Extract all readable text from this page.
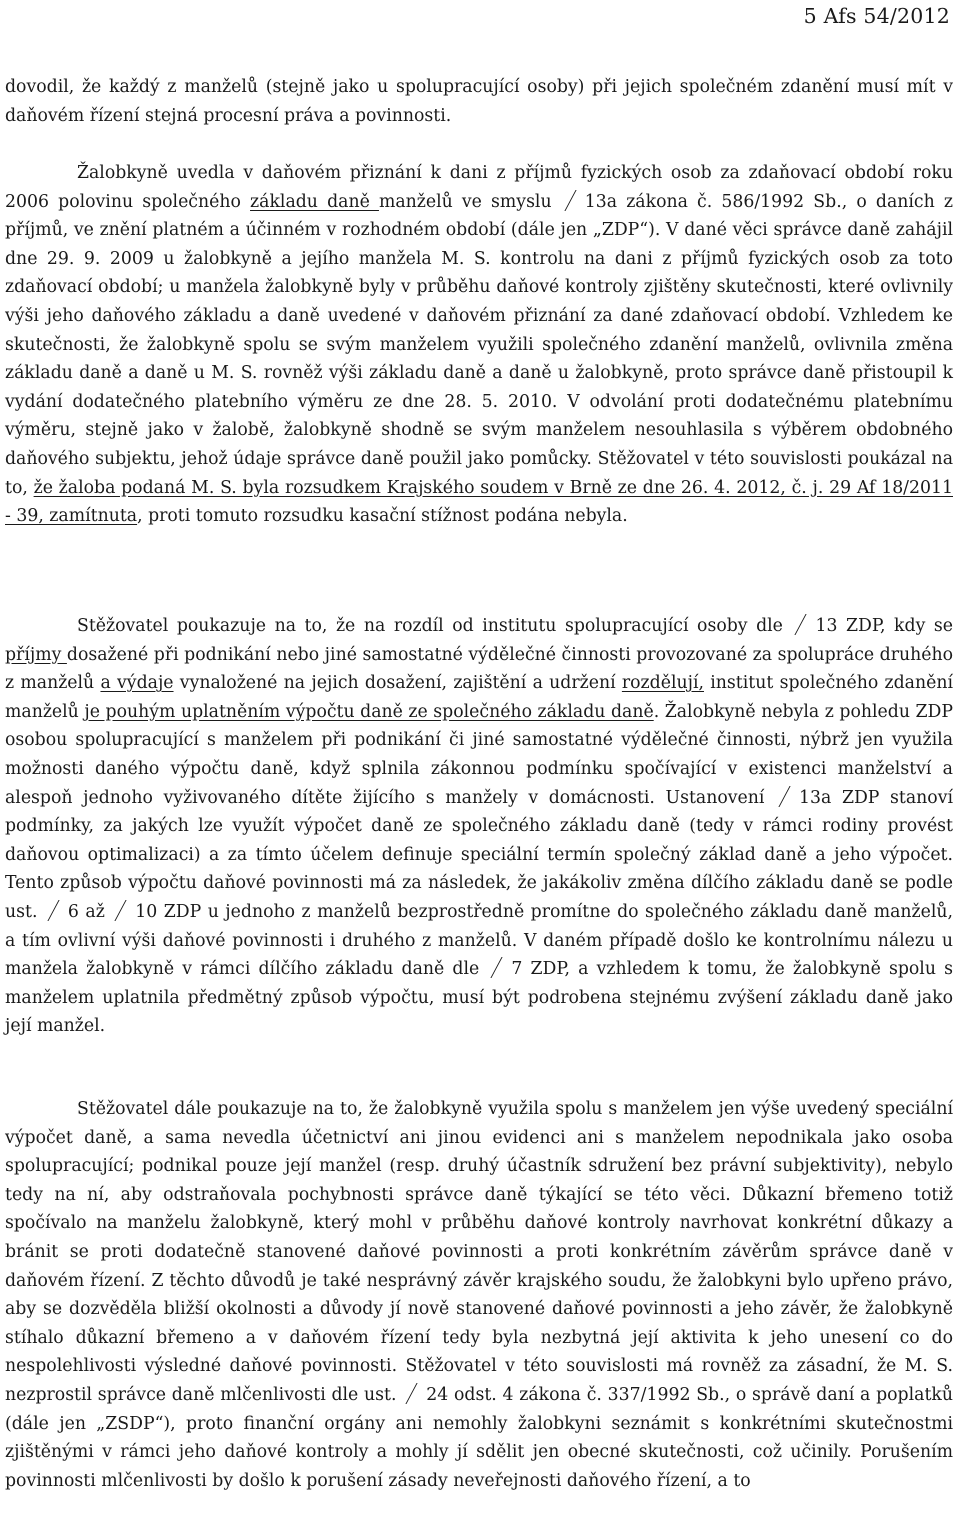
5 Afs 54/2012

dovodil, že každý z manželů (stejně jako u spolupracující osoby) při jejich společném zdanění musí mít v daňovém řízení stejná procesní práva a povinnosti.

Žalobkyně uvedla v daňovém přiznání k dani z příjmů fyzických osob za zdaňovací období roku 2006 polovinu společného základu daně manželů ve smyslu 13a zákona č. 586/1992 Sb., o daních z příjmů, ve znění platném a účinném v rozhodném období (dále jen „ZDP“). V dané věci správce daně zahájil dne 29. 9. 2009 u žalobkyně a jejího manžela M. S. kontrolu na dani z příjmů fyzických osob za toto zdaňovací období; u manžela žalobkyně byly v průběhu daňové kontroly zjištěny skutečnosti, které ovlivnily výši jeho daňového základu a daně uvedené v daňovém přiznání za dané zdaňovací období. Vzhledem ke skutečnosti, že žalobkyně spolu se svým manželem využili společného zdanění manželů, ovlivnila změna základu daně a daně u M. S. rovněž výši základu daně a daně u žalobkyně, proto správce daně přistoupil k vydání dodatečného platebního výměru ze dne 28. 5. 2010. V odvolání proti dodatečnému platebnímu výměru, stejně jako v žalobě, žalobkyně shodně se svým manželem nesouhlasila s výběrem obdobného daňového subjektu, jehož údaje správce daně použil jako pomůcky. Stěžovatel v této souvislosti poukázal na to, že žaloba podaná M. S. byla rozsudkem Krajského soudem v Brně ze dne 26. 4. 2012, č. j. 29 Af 18/2011 - 39, zamítnuta, proti tomuto rozsudku kasační stížnost podána nebyla.

Stěžovatel poukazuje na to, že na rozdíl od institutu spolupracující osoby dle 13 ZDP, kdy se příjmy dosažené při podnikání nebo jiné samostatné výdělečné činnosti provozované za spolupráce druhého z manželů a výdaje vynaložené na jejich dosažení, zajištění a udržení rozdělují, institut společného zdanění manželů je pouhým uplatněním výpočtu daně ze společného základu daně. Žalobkyně nebyla z pohledu ZDP osobou spolupracující s manželem při podnikání či jiné samostatné výdělečné činnosti, nýbrž jen využila možnosti daného výpočtu daně, když splnila zákonnou podmínku spočívající v existenci manželství a alespoň jednoho vyživovaného dítěte žijícího s manžely v domácnosti. Ustanovení 13a ZDP stanoví podmínky, za jakých lze využít výpočet daně ze společného základu daně (tedy v rámci rodiny provést daňovou optimalizaci) a za tímto účelem definuje speciální termín společný základ daně a jeho výpočet. Tento způsob výpočtu daňové povinnosti má za následek, že jakákoliv změna dílčího základu daně se podle ust. 6 až 10 ZDP u jednoho z manželů bezprostředně promítne do společného základu daně manželů, a tím ovlivní výši daňové povinnosti i druhého z manželů. V daném případě došlo ke kontrolnímu nálezu u manžela žalobkyně v rámci dílčího základu daně dle 7 ZDP, a vzhledem k tomu, že žalobkyně spolu s manželem uplatnila předmětný způsob výpočtu, musí být podrobena stejnému zvýšení základu daně jako její manžel.

Stěžovatel dále poukazuje na to, že žalobkyně využila spolu s manželem jen výše uvedený speciální výpočet daně, a sama nevedla účetnictví ani jinou evidenci ani s manželem nepodnikala jako osoba spolupracující; podnikal pouze její manžel (resp. druhý účastník sdružení bez právní subjektivity), nebylo tedy na ní, aby odstraňovala pochybnosti správce daně týkající se této věci. Důkazní břemeno totiž spočívalo na manželu žalobkyně, který mohl v průběhu daňové kontroly navrhovat konkrétní důkazy a bránit se proti dodatečně stanovené daňové povinnosti a proti konkrétním závěrům správce daně v daňovém řízení. Z těchto důvodů je také nesprávný závěr krajského soudu, že žalobkyni bylo upřeno právo, aby se dozvěděla bližší okolnosti a důvody jí nově stanovené daňové povinnosti a jeho závěr, že žalobkyně stíhalo důkazní břemeno a v daňovém řízení tedy byla nezbytná její aktivita k jeho unesení co do nespolehlivosti výsledné daňové povinnosti. Stěžovatel v této souvislosti má rovněž za zásadní, že M. S. nezprostil správce daně mlčenlivosti dle ust. 24 odst. 4 zákona č. 337/1992 Sb., o správě daní a poplatků (dále jen „ZSDP“), proto finanční orgány ani nemohly žalobkyni seznámit s konkrétními skutečnostmi zjištěnými v rámci jeho daňové kontroly a mohly jí sdělit jen obecné skutečnosti, což učinily. Porušením povinnosti mlčenlivosti by došlo k porušení zásady neveřejnosti daňového řízení, a to
